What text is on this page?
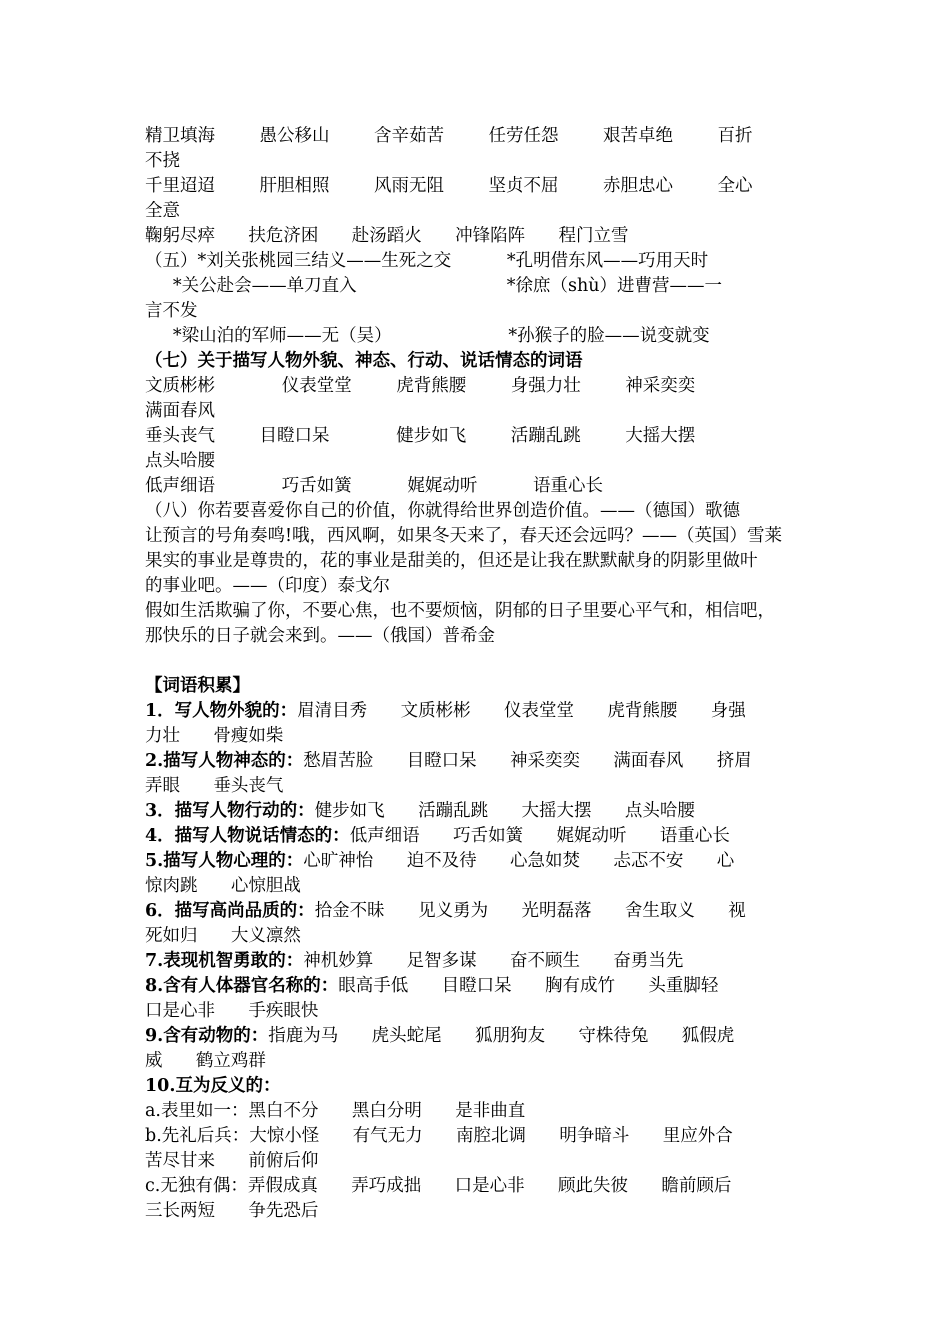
精卫填海        愚公移山        含辛茹苦        任劳任怨        艰苦卓绝        百折
不挠
千里迢迢        肝胆相照        风雨无阻        坚贞不屈        赤胆忠心        全心
全意
鞠躬尽瘁      扶危济困      赴汤蹈火      冲锋陷阵      程门立雪
（五）*刘关张桃园三结义——生死之交          *孔明借东风——巧用天时
*关公赴会——单刀直入                           *徐庶（shù）进曹营——一
言不发
*梁山泊的军师——无（吴）                     *孙猴子的脸——说变就变
（七）关于描写人物外貌、神态、行动、说话情态的词语
文质彬彬            仪表堂堂        虎背熊腰        身强力壮        神采奕奕
满面春风
垂头丧气        目瞪口呆            健步如飞        活蹦乱跳        大摇大摆
点头哈腰
低声细语            巧舌如簧          娓娓动听          语重心长
（八）你若要喜爱你自己的价值，你就得给世界创造价值。——（德国）歌德
让预言的号角奏鸣!哦，西风啊，如果冬天来了，春天还会远吗？——（英国）雪莱
果实的事业是尊贵的，花的事业是甜美的，但还是让我在默默献身的阴影里做叶
的事业吧。——（印度）泰戈尔
假如生活欺骗了你，不要心焦，也不要烦恼，阴郁的日子里要心平气和，相信吧，
那快乐的日子就会来到。——（俄国）普希金
【词语积累】
1．写人物外貌的：眉清目秀      文质彬彬      仪表堂堂      虎背熊腰      身强
力壮      骨瘦如柴
2.描写人物神态的：愁眉苦脸      目瞪口呆      神采奕奕      满面春风      挤眉
弄眼      垂头丧气
3．描写人物行动的：健步如飞      活蹦乱跳      大摇大摆      点头哈腰
4．描写人物说话情态的：低声细语      巧舌如簧      娓娓动听      语重心长
5.描写人物心理的：心旷神怡      迫不及待      心急如焚      忐忑不安      心
惊肉跳      心惊胆战
6．描写高尚品质的：拾金不昧      见义勇为      光明磊落      舍生取义      视
死如归      大义凛然
7.表现机智勇敢的：神机妙算      足智多谋      奋不顾生      奋勇当先
8.含有人体器官名称的：眼高手低      目瞪口呆      胸有成竹      头重脚轻
口是心非      手疾眼快
9.含有动物的：指鹿为马      虎头蛇尾      狐朋狗友      守株待兔      狐假虎
威      鹤立鸡群
10.互为反义的：
a.表里如一：黑白不分      黑白分明      是非曲直
b.先礼后兵：大惊小怪      有气无力      南腔北调      明争暗斗      里应外合
苦尽甘来      前俯后仰
c.无独有偶：弄假成真      弄巧成拙      口是心非      顾此失彼      瞻前顾后
三长两短      争先恐后
